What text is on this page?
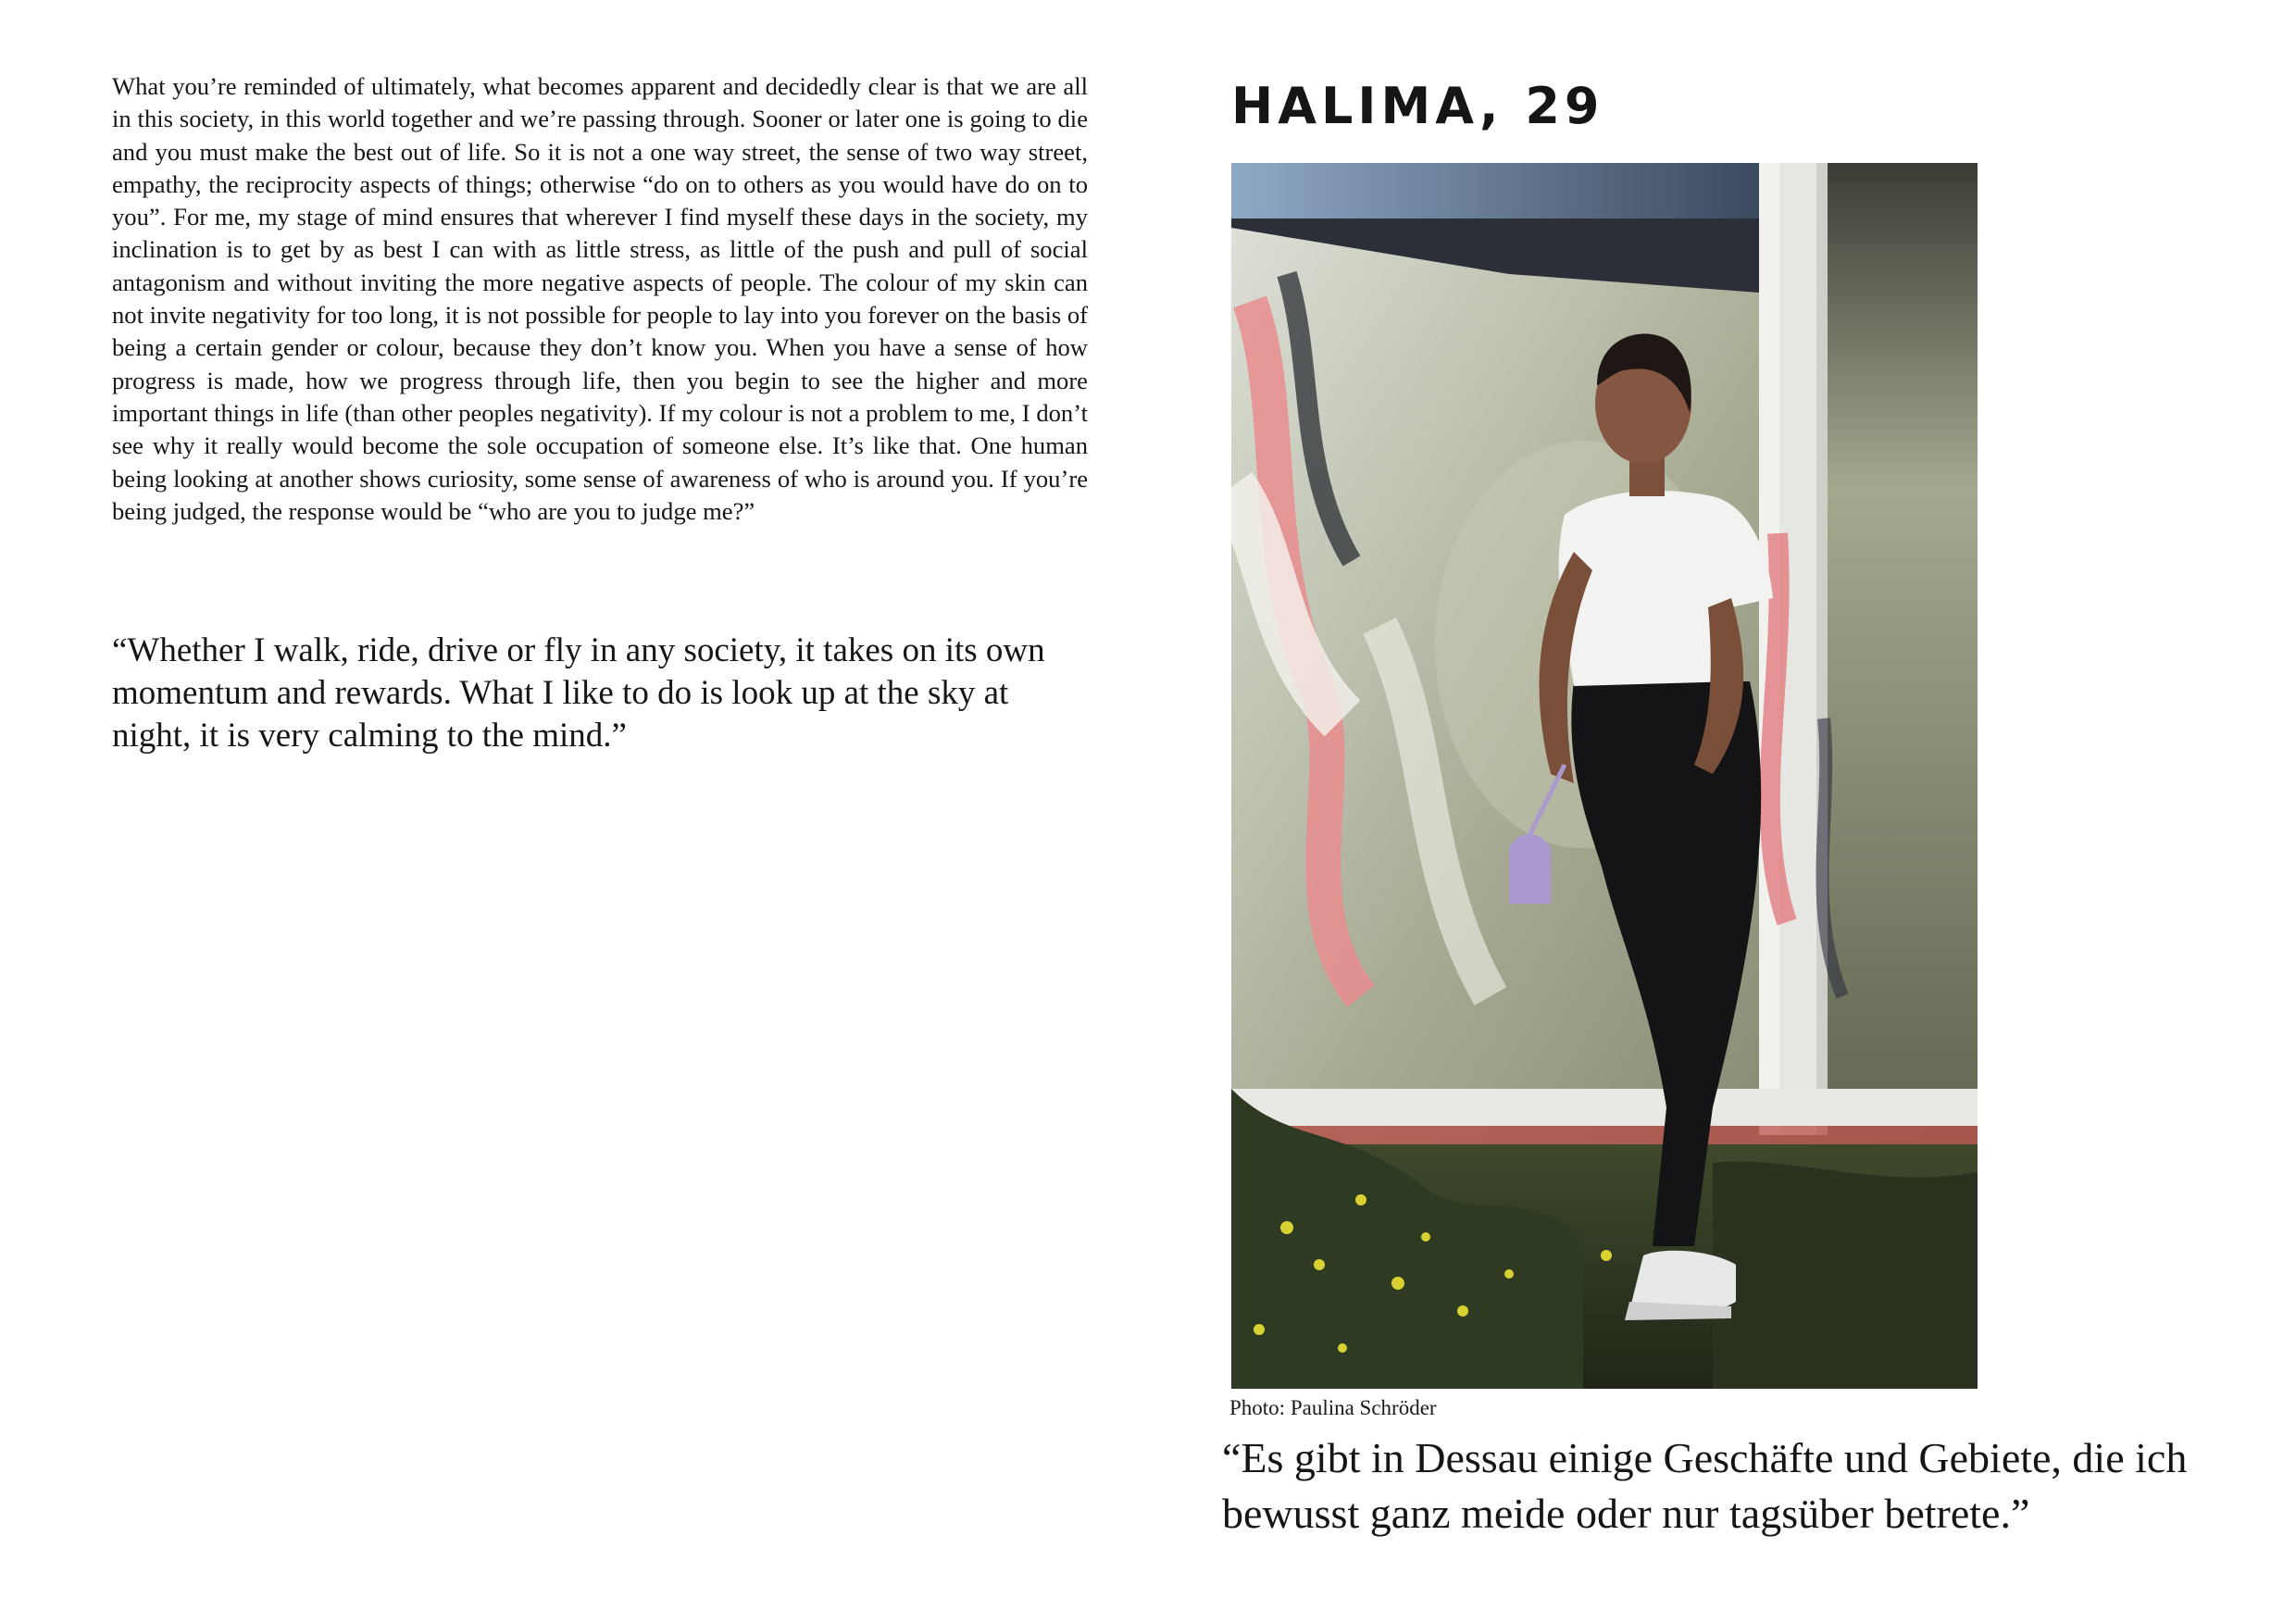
What you’re reminded of ultimately, what becomes apparent and decidedly clear is that we are all in this society, in this world together and we’re passing through. Sooner or later one is going to die and you must make the best out of life. So it is not a one way street, the sense of two way street, empathy, the reciprocity aspects of things; otherwise “do on to others as you would have do on to you”. For me, my stage of mind ensures that wherever I find myself these days in the society, my inclination is to get by as best I can with as little stress, as little of the push and pull of social antagonism and without inviting the more negative aspects of people. The colour of my skin can not invite negativity for too long, it is not possible for people to lay into you forever on the basis of being a certain gender or colour, because they don’t know you. When you have a sense of how progress is made, how we progress through life, then you begin to see the higher and more important things in life (than other peoples negativity). If my colour is not a problem to me, I don’t see why it really would become the sole occupation of someone else. It’s like that. One human being looking at another shows curiosity, some sense of awareness of who is around you. If you’re being judged, the response would be “who are you to judge me?”

“Whether I walk, ride, drive or fly in any society, it takes on its own momentum and rewards. What I like to do is look up at the sky at night, it is very calming to the mind.”

HALIMA, 29

Photo: Paulina Schröder

“Es gibt in Dessau einige Geschäfte und Gebiete, die ich bewusst ganz meide oder nur tagsüber betrete.”
